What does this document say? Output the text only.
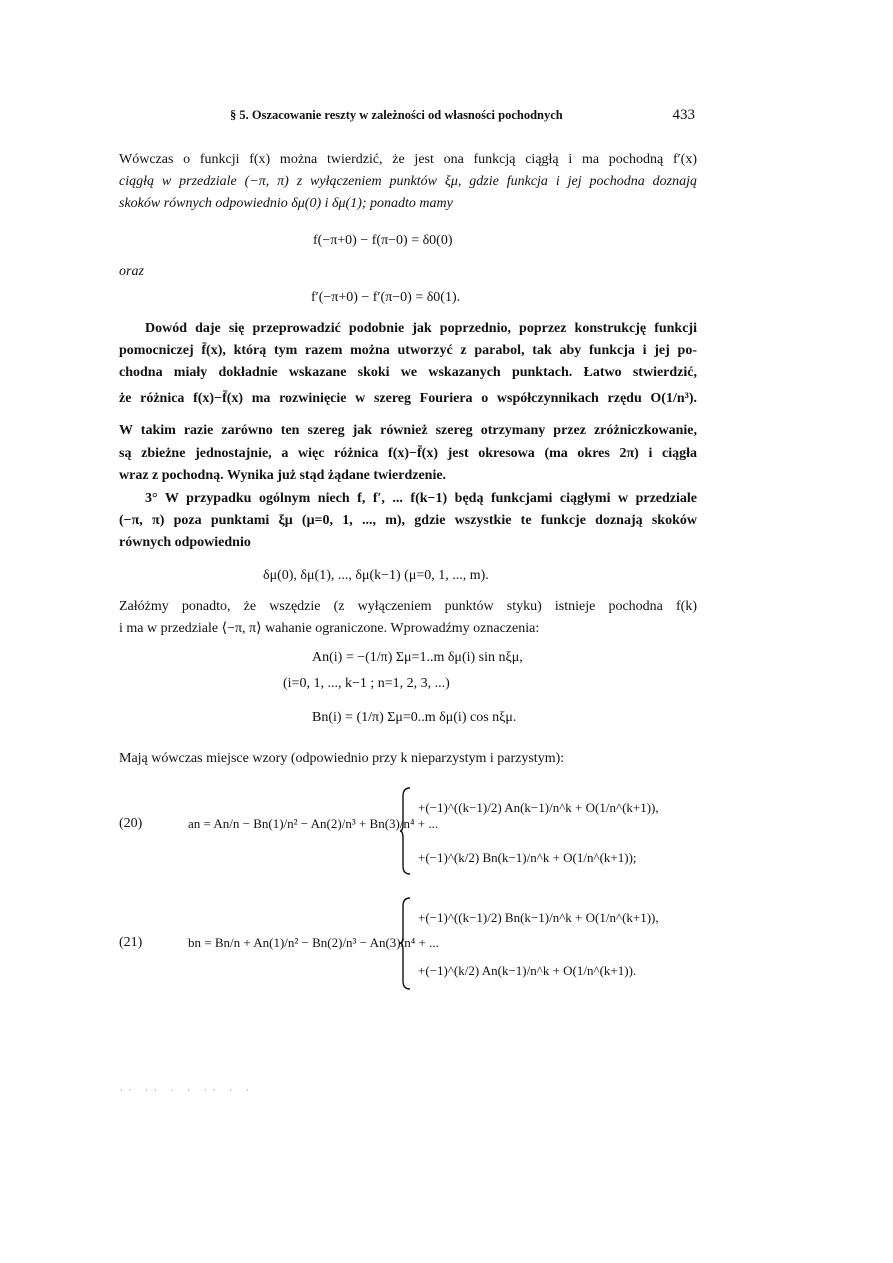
§ 5. Oszacowanie reszty w zależności od własności pochodnych	433
Wówczas o funkcji f(x) można twierdzić, że jest ona funkcją ciągłą i ma pochodną f′(x)
ciągłą w przedziale (−π, π) z wyłączeniem punktów ξμ, gdzie funkcja i jej pochodna doznają
skoków równych odpowiednio δμ(0) i δμ(1); ponadto mamy
f(−π+0) − f(π−0) = δ0(0)
oraz
f′(−π+0) − f′(π−0) = δ0(1).
Dowód daje się przeprowadzić podobnie jak poprzednio, poprzez konstrukcję funkcji
pomocniczej f̄(x), którą tym razem można utworzyć z parabol, tak aby funkcja i jej po-
chodna miały dokładnie wskazane skoki we wskazanych punktach. Łatwo stwierdzić,
że różnica f(x)−f̄(x) ma rozwinięcie w szereg Fouriera o współczynnikach rzędu O(1/n³).
W takim razie zarówno ten szereg jak również szereg otrzymany przez zróżniczkowanie,
są zbieżne jednostajnie, a więc różnica f(x)−f̄(x) jest okresowa (ma okres 2π) i ciągła
wraz z pochodną. Wynika już stąd żądane twierdzenie.
3° W przypadku ogólnym niech f, f′, ... f(k−1) będą funkcjami ciągłymi w przedziale
(−π, π) poza punktami ξμ (μ=0, 1, ..., m), gdzie wszystkie te funkcje doznają skoków
równych odpowiednio
δμ(0), δμ(1), ..., δμ(k−1) (μ=0, 1, ..., m).
Załóżmy ponadto, że wszędzie (z wyłączeniem punktów styku) istnieje pochodna f(k)
i ma w przedziale ⟨−π, π⟩ wahanie ograniczone. Wprowadźmy oznaczenia:
An(i) = −(1/π) Σμ=1..m δμ(i) sin nξμ,
(i=0, 1, ..., k−1 ; n=1, 2, 3, ...)
Bn(i) = (1/π) Σμ=0..m δμ(i) cos nξμ.
Mają wówczas miejsce wzory (odpowiednio przy k nieparzystym i parzystym):
(20)	an = An/n − Bn(1)/n² − An(2)/n³ + Bn(3)/n⁴ + ...
+(−1)^((k−1)/2) An(k−1)/n^k + O(1/n^(k+1)),
+(−1)^(k/2) Bn(k−1)/n^k + O(1/n^(k+1));
(21)	bn = Bn/n + An(1)/n² − Bn(2)/n³ − An(3)/n⁴ + ...
+(−1)^((k−1)/2) Bn(k−1)/n^k + O(1/n^(k+1)),
+(−1)^(k/2) An(k−1)/n^k + O(1/n^(k+1)).
·· ·· · · ·· · ·
